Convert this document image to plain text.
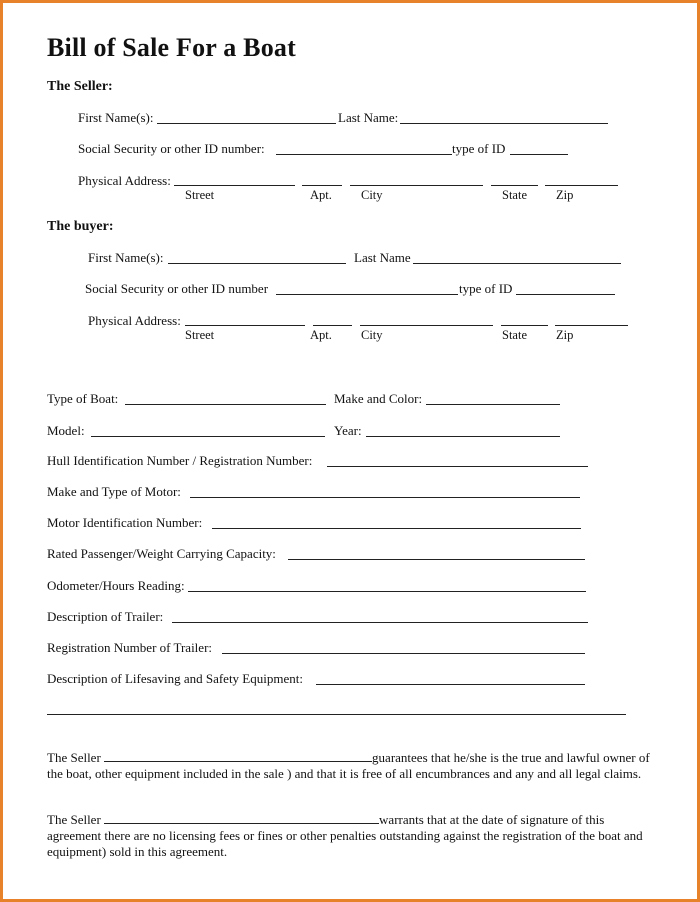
Bill of Sale For a Boat
The Seller:
First Name(s):	Last Name:
Social Security or other ID number:	type of ID
Physical Address:
Street	Apt. City	State Zip
The buyer:
First Name(s):	Last Name
Social Security or other ID number	type of ID
Physical Address:
Street	Apt. City	State Zip
Type of Boat:	Make and Color:
Model:	Year:
Hull Identification Number / Registration Number:
Make and Type of Motor:
Motor Identification Number:
Rated Passenger/Weight Carrying Capacity:
Odometer/Hours Reading:
Description of Trailer:
Registration Number of Trailer:
Description of Lifesaving and Safety Equipment:
The Seller	guarantees that he/she is the true and lawful owner of the boat, other equipment included in the sale ) and that it is free of all encumbrances and any and all legal claims.
The Seller	warrants that at the date of signature of this agreement there are no licensing fees or fines or other penalties outstanding against the registration of the boat and equipment) sold in this agreement.
